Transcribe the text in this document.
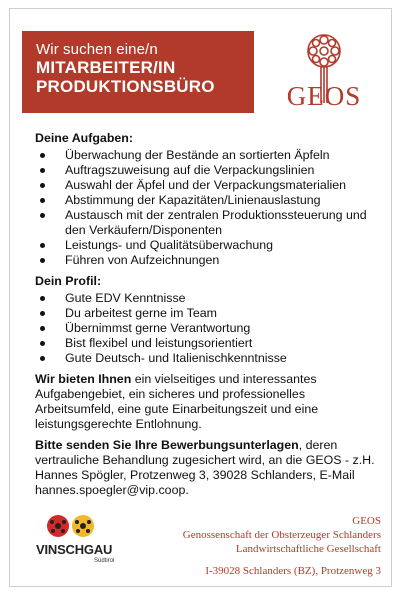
Wir suchen eine/n
MITARBEITER/IN
PRODUKTIONSBÜRO	GEOS
Deine Aufgaben:
Überwachung der Bestände an sortierten Äpfeln
Auftragszuweisung auf die Verpackungslinien
Auswahl der Äpfel und der Verpackungsmaterialien
Abstimmung der Kapazitäten/Linienauslastung
Austausch mit der zentralen Produktionssteuerung und den Verkäufern/Disponenten
Leistungs- und Qualitätsüberwachung
Führen von Aufzeichnungen
Dein Profil:
Gute EDV Kenntnisse
Du arbeitest gerne im Team
Übernimmst gerne Verantwortung
Bist flexibel und leistungsorientiert
Gute Deutsch- und Italienischkenntnisse

Wir bieten Ihnen ein vielseitiges und interessantes Aufgabengebiet, ein sicheres und professionelles Arbeitsumfeld, eine gute Einarbeitungszeit und eine leistungsgerechte Entlohnung.

Bitte senden Sie Ihre Bewerbungsunterlagen, deren vertrauliche Behandlung zugesichert wird, an die GEOS - z.H. Hannes Spögler, Protzenweg 3, 39028 Schlanders, E-Mail hannes.spoegler@vip.coop.

VINSCHGAU
Südtirol
GEOS
Genossenschaft der Obsterzeuger Schlanders
Landwirtschaftliche Gesellschaft
I-39028 Schlanders (BZ), Protzenweg 3
